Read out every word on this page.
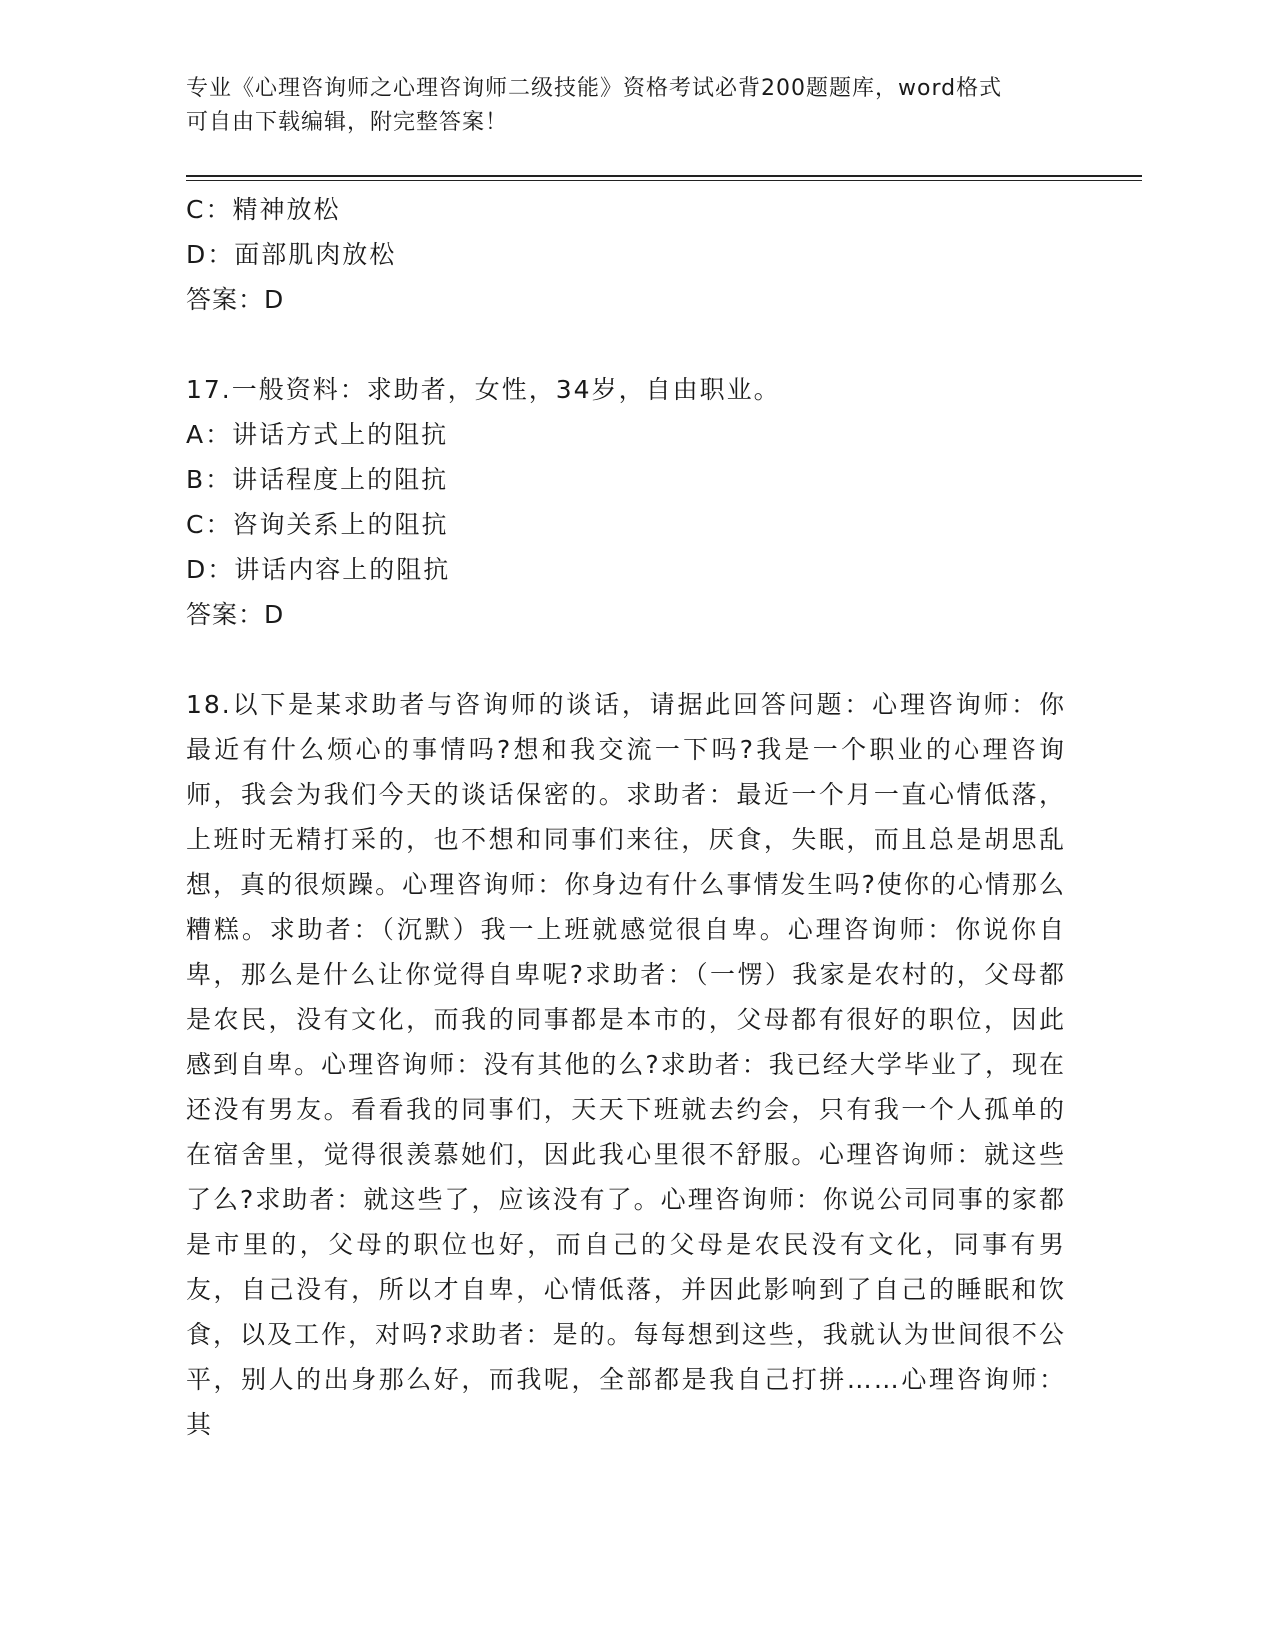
专业《心理咨询师之心理咨询师二级技能》资格考试必背200题题库，word格式
可自由下载编辑，附完整答案！
C：精神放松
D：面部肌肉放松
答案：D
17.一般资料：求助者，女性，34岁，自由职业。
A：讲话方式上的阻抗
B：讲话程度上的阻抗
C：咨询关系上的阻抗
D：讲话内容上的阻抗
答案：D
18.以下是某求助者与咨询师的谈话，请据此回答问题：心理咨询师：你最近有什么烦心的事情吗?想和我交流一下吗?我是一个职业的心理咨询师，我会为我们今天的谈话保密的。求助者：最近一个月一直心情低落，上班时无精打采的，也不想和同事们来往，厌食，失眠，而且总是胡思乱想，真的很烦躁。心理咨询师：你身边有什么事情发生吗?使你的心情那么糟糕。求助者：（沉默）我一上班就感觉很自卑。心理咨询师：你说你自卑，那么是什么让你觉得自卑呢?求助者：（一愣）我家是农村的，父母都是农民，没有文化，而我的同事都是本市的，父母都有很好的职位，因此感到自卑。心理咨询师：没有其他的么?求助者：我已经大学毕业了，现在还没有男友。看看我的同事们，天天下班就去约会，只有我一个人孤单的在宿舍里，觉得很羡慕她们，因此我心里很不舒服。心理咨询师：就这些了么?求助者：就这些了，应该没有了。心理咨询师：你说公司同事的家都是市里的，父母的职位也好，而自己的父母是农民没有文化，同事有男友，自己没有，所以才自卑，心情低落，并因此影响到了自己的睡眠和饮食，以及工作，对吗?求助者：是的。每每想到这些，我就认为世间很不公平，别人的出身那么好，而我呢，全部都是我自己打拼……心理咨询师：其
